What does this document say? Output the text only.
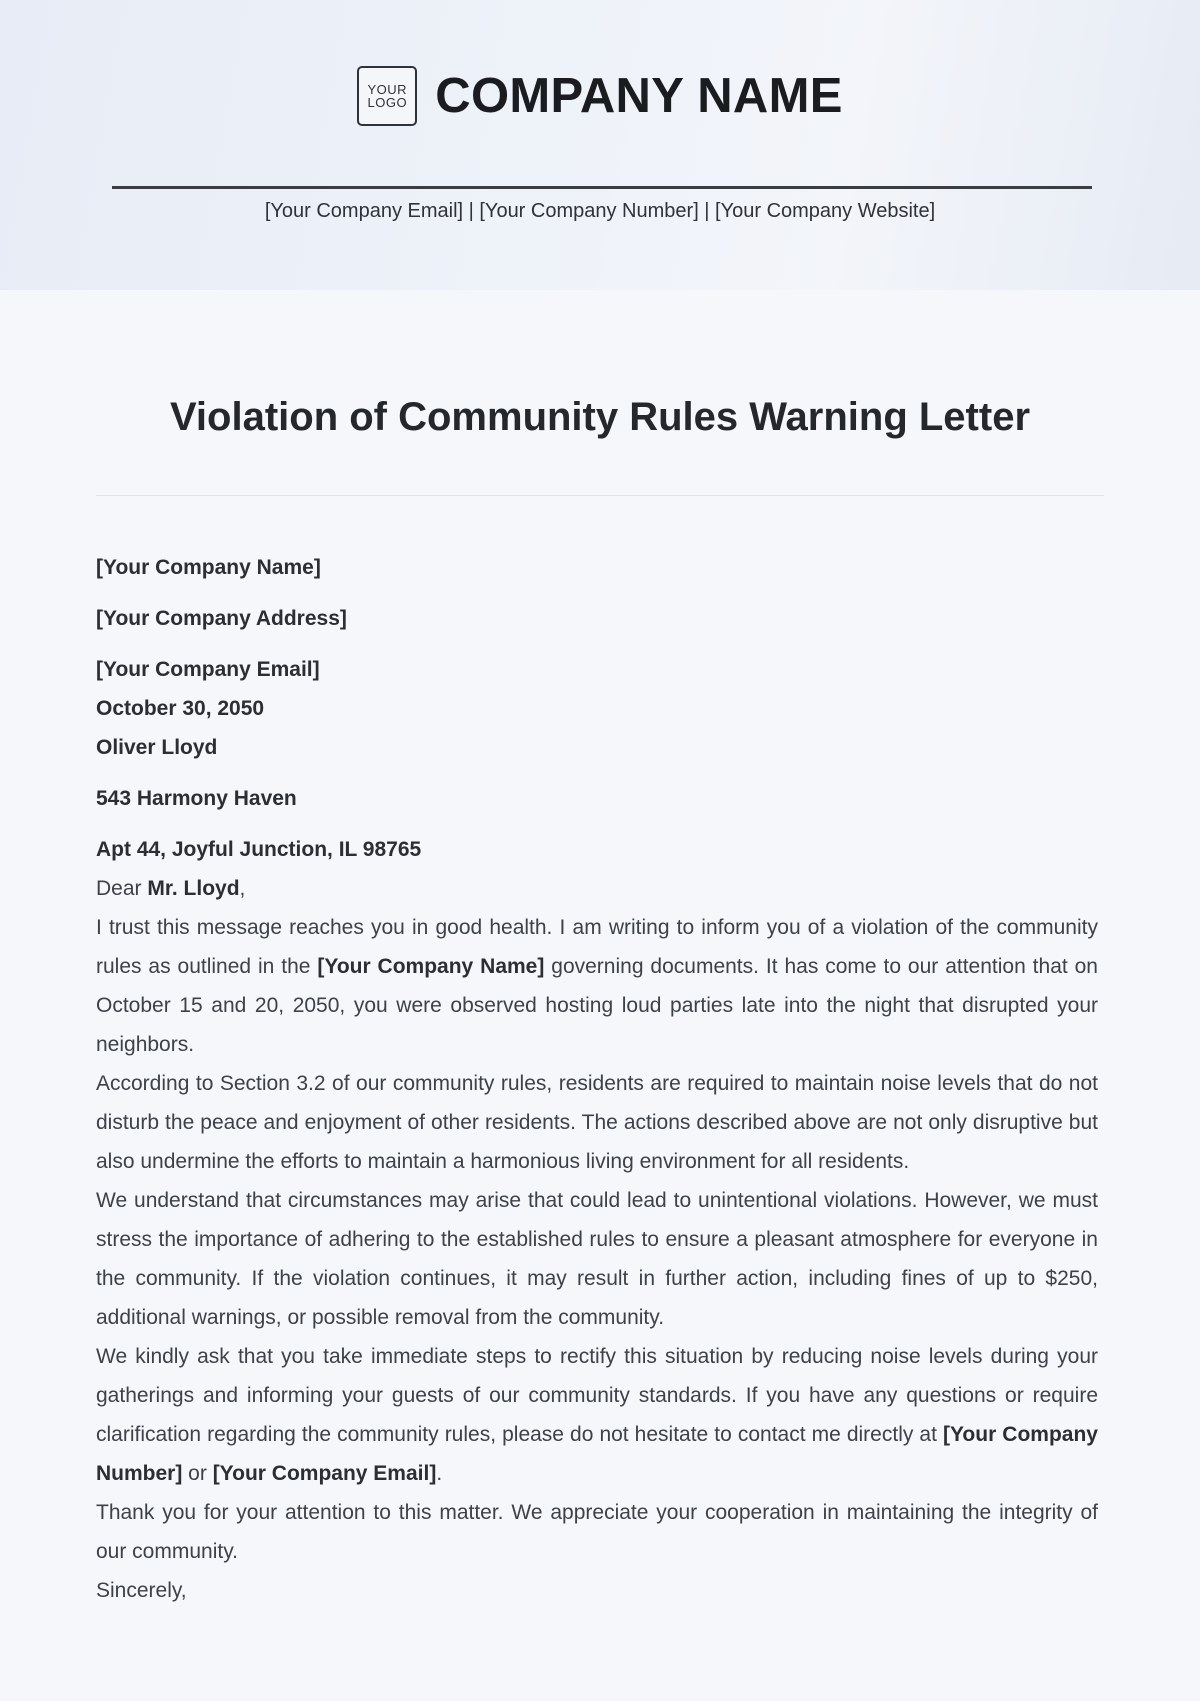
YOUR
LOGO COMPANY NAME
[Your Company Email] | [Your Company Number] | [Your Company Website]
Violation of Community Rules Warning Letter
[Your Company Name]
[Your Company Address]
[Your Company Email]
October 30, 2050
Oliver Lloyd
543 Harmony Haven
Apt 44, Joyful Junction, IL 98765

Dear Mr. Lloyd,

I trust this message reaches you in good health. I am writing to inform you of a violation of the community rules as outlined in the [Your Company Name] governing documents. It has come to our attention that on October 15 and 20, 2050, you were observed hosting loud parties late into the night that disrupted your neighbors.

According to Section 3.2 of our community rules, residents are required to maintain noise levels that do not disturb the peace and enjoyment of other residents. The actions described above are not only disruptive but also undermine the efforts to maintain a harmonious living environment for all residents.

We understand that circumstances may arise that could lead to unintentional violations. However, we must stress the importance of adhering to the established rules to ensure a pleasant atmosphere for everyone in the community. If the violation continues, it may result in further action, including fines of up to $250, additional warnings, or possible removal from the community.

We kindly ask that you take immediate steps to rectify this situation by reducing noise levels during your gatherings and informing your guests of our community standards. If you have any questions or require clarification regarding the community rules, please do not hesitate to contact me directly at [Your Company Number] or [Your Company Email].

Thank you for your attention to this matter. We appreciate your cooperation in maintaining the integrity of our community.

Sincerely,
